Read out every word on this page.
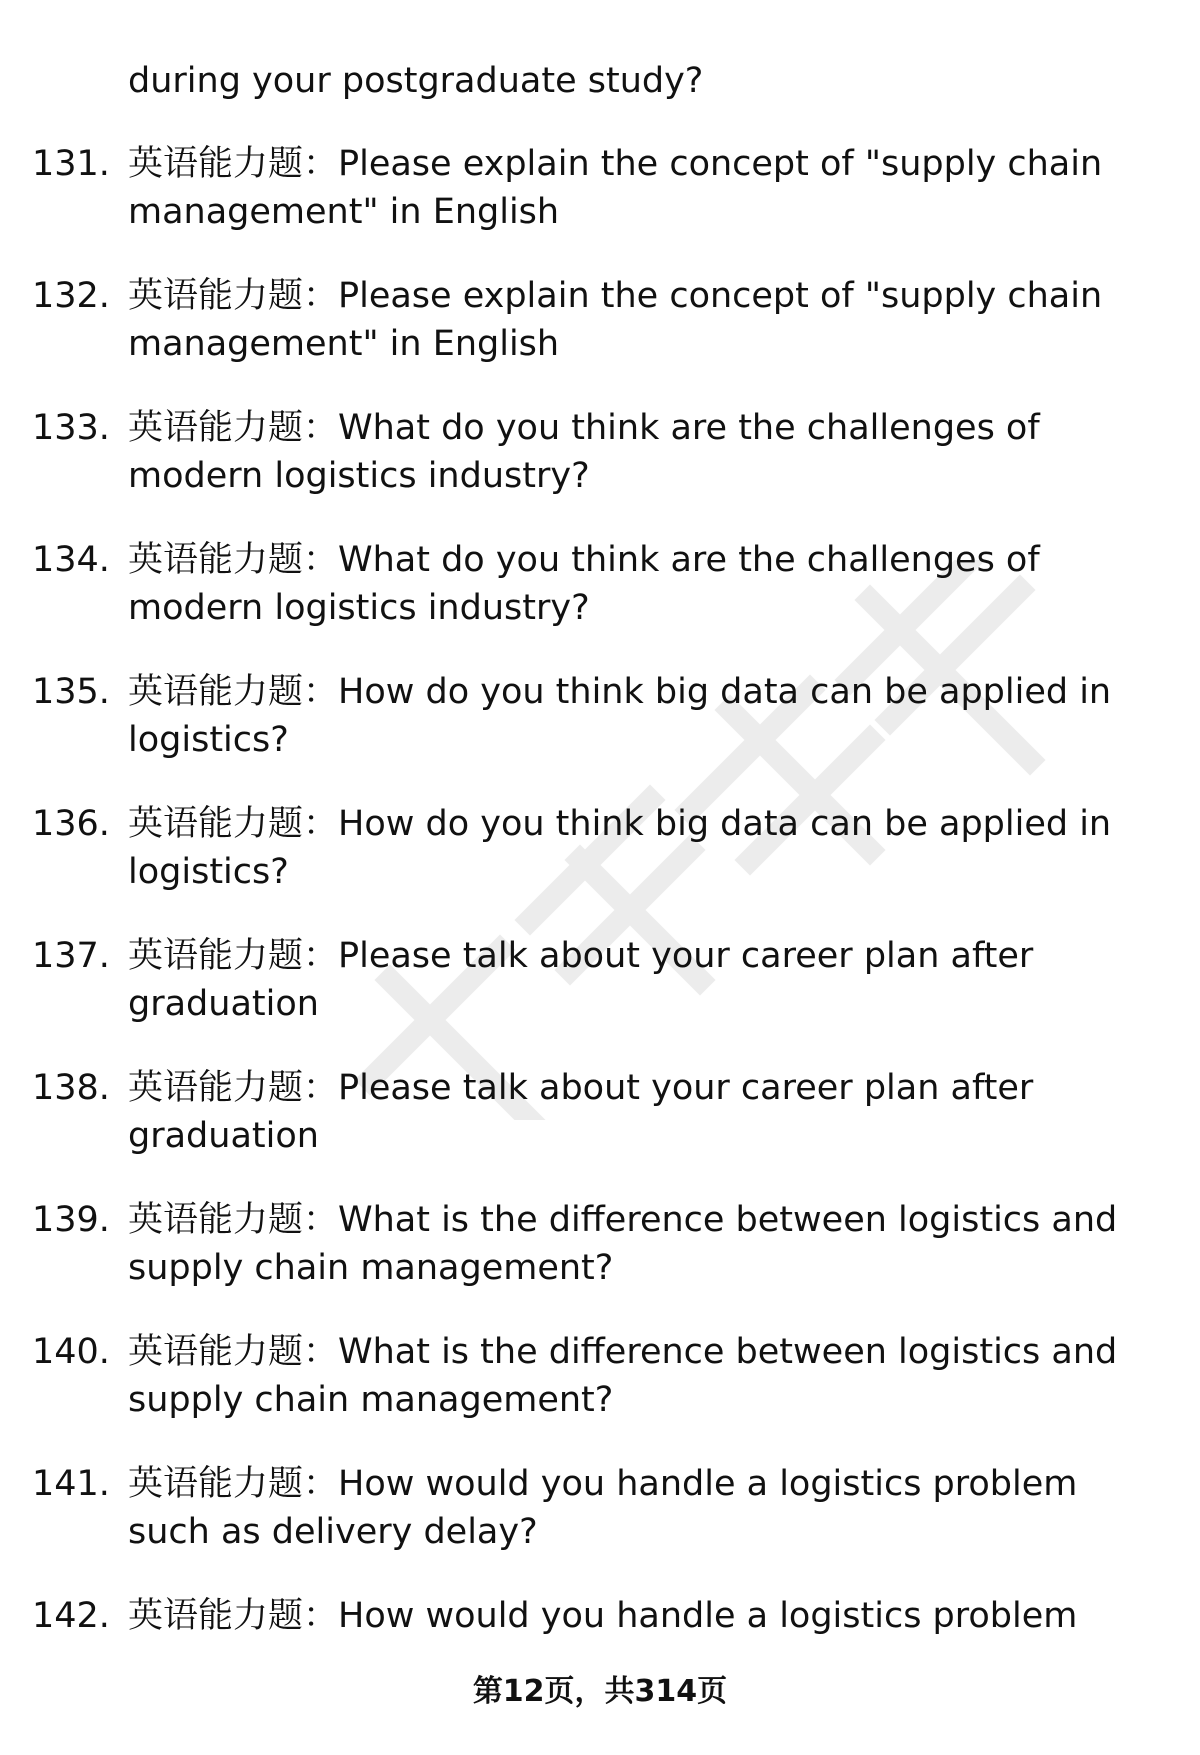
during your postgraduate study?
131. 英语能力题：Please explain the concept of "supply chain
management" in English
132. 英语能力题：Please explain the concept of "supply chain
management" in English
133. 英语能力题：What do you think are the challenges of
modern logistics industry?
134. 英语能力题：What do you think are the challenges of
modern logistics industry?
135. 英语能力题：How do you think big data can be applied in
logistics?
136. 英语能力题：How do you think big data can be applied in
logistics?
137. 英语能力题：Please talk about your career plan after
graduation
138. 英语能力题：Please talk about your career plan after
graduation
139. 英语能力题：What is the difference between logistics and
supply chain management?
140. 英语能力题：What is the difference between logistics and
supply chain management?
141. 英语能力题：How would you handle a logistics problem
such as delivery delay?
142. 英语能力题：How would you handle a logistics problem
第12页，共314页
